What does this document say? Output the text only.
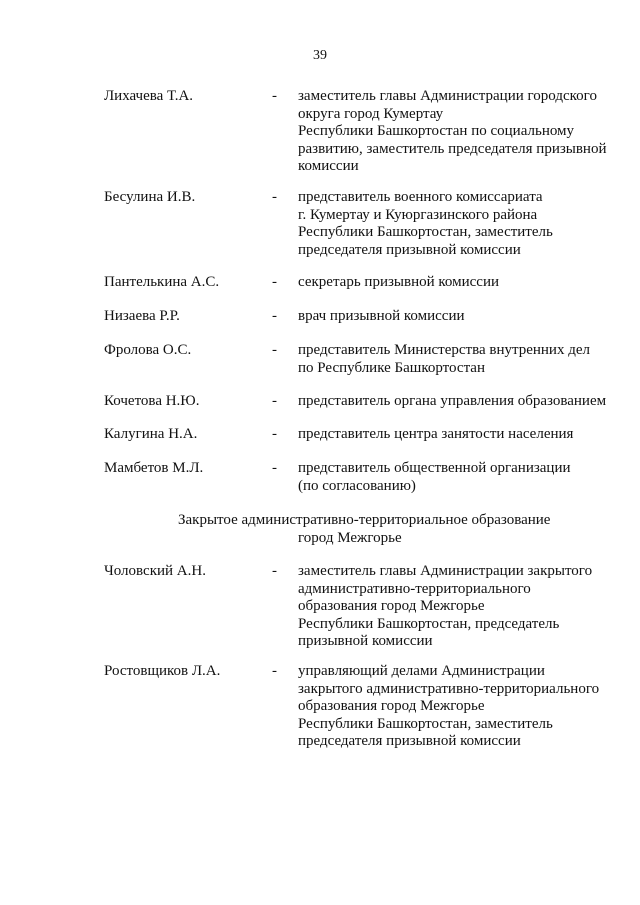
39
Лихачева Т.А.	- заместитель главы Администрации городского
округа город Кумертау
Республики Башкортостан по социальному
развитию, заместитель председателя призывной
комиссии
Бесулина И.В.	- представитель военного комиссариата
г. Кумертау и Куюргазинского района
Республики Башкортостан, заместитель
председателя призывной комиссии
Пантелькина А.С.	- секретарь призывной комиссии
Низаева Р.Р.	- врач призывной комиссии
Фролова О.С.	- представитель Министерства внутренних дел
по Республике Башкортостан
Кочетова Н.Ю.	- представитель органа управления образованием
Калугина Н.А.	- представитель центра занятости населения
Мамбетов М.Л.	- представитель общественной организации
(по согласованию)
Закрытое административно-территориальное образование
город Межгорье
Чоловский А.Н.	- заместитель главы Администрации закрытого
административно-территориального
образования город Межгорье
Республики Башкортостан, председатель
призывной комиссии
Ростовщиков Л.А.	- управляющий делами Администрации
закрытого административно-территориального
образования город Межгорье
Республики Башкортостан, заместитель
председателя призывной комиссии
